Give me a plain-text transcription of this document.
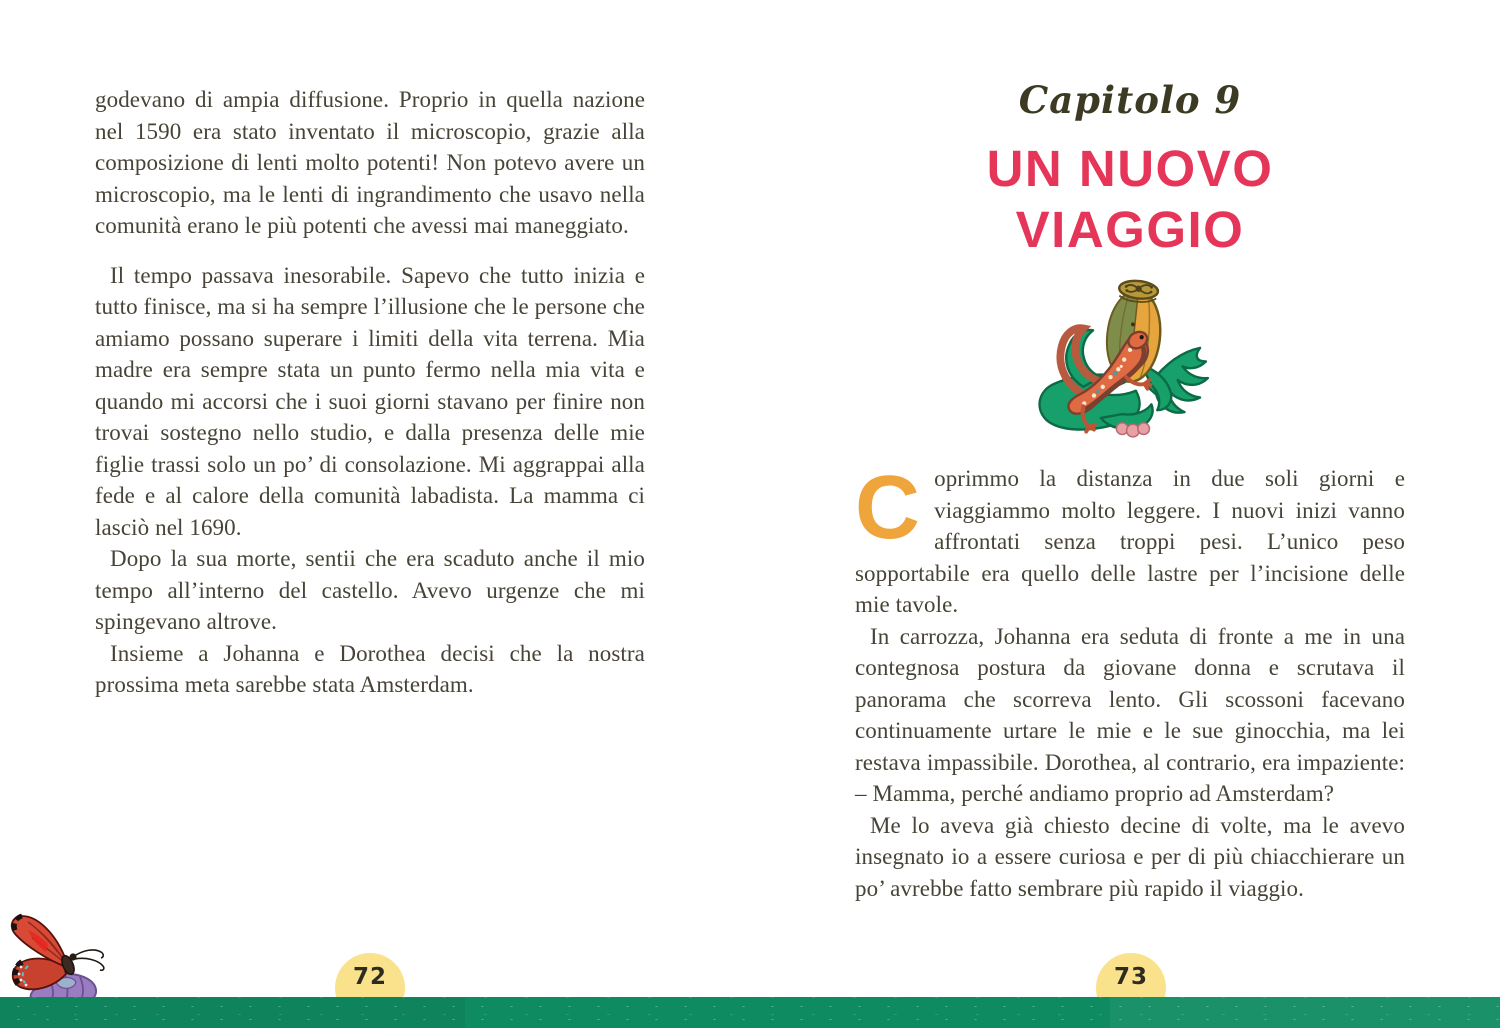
godevano di ampia diffusione. Proprio in quella nazione nel 1590 era stato inventato il microscopio, grazie alla composizione di lenti molto potenti! Non potevo avere un microscopio, ma le lenti di ingrandimento che usavo nella comunità erano le più potenti che avessi mai maneggiato.

Il tempo passava inesorabile. Sapevo che tutto inizia e tutto finisce, ma si ha sempre l’illusione che le persone che amiamo possano superare i limiti della vita terrena. Mia madre era sempre stata un punto fermo nella mia vita e quando mi accorsi che i suoi giorni stavano per finire non trovai sostegno nello studio, e dalla presenza delle mie figlie trassi solo un po’ di consolazione. Mi aggrappai alla fede e al calore della comunità labadista. La mamma ci lasciò nel 1690.

Dopo la sua morte, sentii che era scaduto anche il mio tempo all’interno del castello. Avevo urgenze che mi spingevano altrove.

Insieme a Johanna e Dorothea decisi che la nostra prossima meta sarebbe stata Amsterdam.

Capitolo 9
UN NUOVO
VIAGGIO

Coprimmo la distanza in due soli giorni e viaggiammo molto leggere. I nuovi inizi vanno affrontati senza troppi pesi. L’unico peso sopportabile era quello delle lastre per l’incisione delle mie tavole.

In carrozza, Johanna era seduta di fronte a me in una contegnosa postura da giovane donna e scrutava il panorama che scorreva lento. Gli scossoni facevano continuamente urtare le mie e le sue ginocchia, ma lei restava impassibile. Dorothea, al contrario, era impaziente: – Mamma, perché andiamo proprio ad Amsterdam?

Me lo aveva già chiesto decine di volte, ma le avevo insegnato io a essere curiosa e per di più chiacchierare un po’ avrebbe fatto sembrare più rapido il viaggio.

72	73
